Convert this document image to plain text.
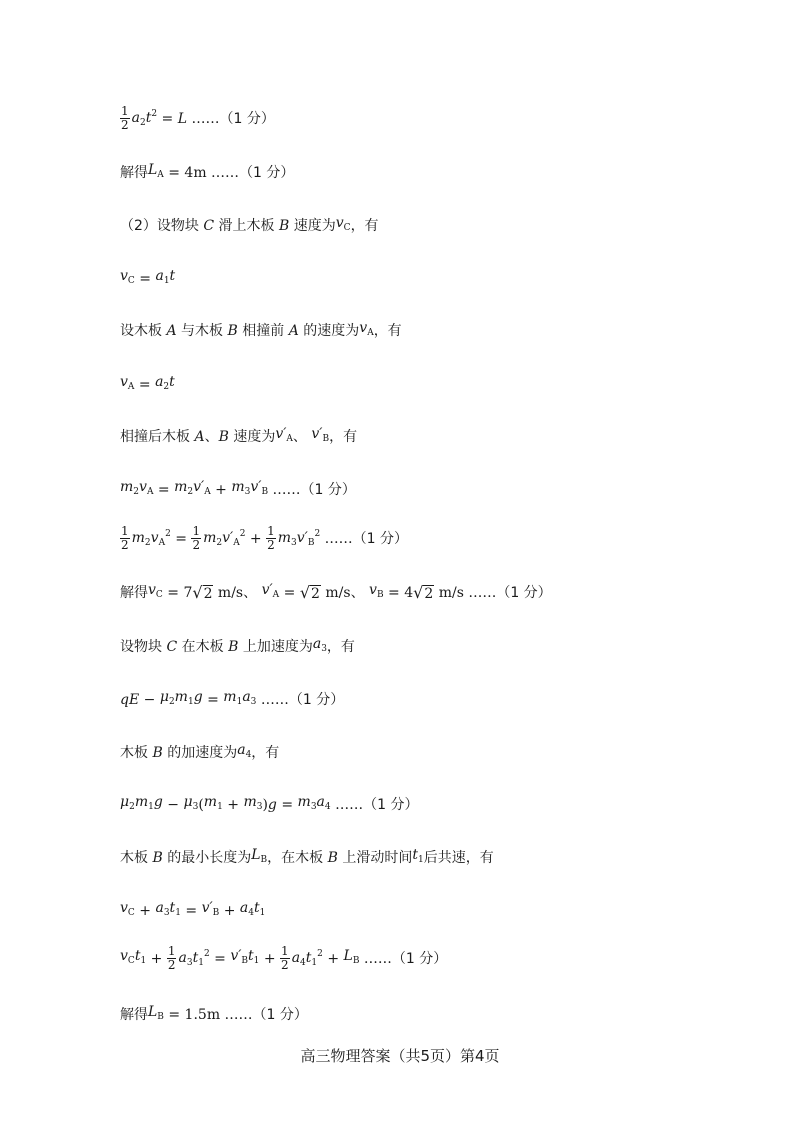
$\frac{1}{2} a_2t^2 = L$ …… （1 分）
解得 $L_A = 4m$ …… （1 分）
（2）设物块
C
滑上木板
B
速度为 $v_C$ ，有
$v_C = a_1t$
设木板
A
与木板
B
相撞前
A
的速度为 $v_A$ ，有
$v_A = a_2t$
相撞后木板
A 、 B
速度为 $v'_A$ 、
$v'_B$ ，有
$m_2v_A = m_2v'_A + m_3v'_B$ …… （1 分）
$\frac{1}{2} m_2v_A^2 = \frac{1}{2} m_2v'_A^2 + \frac{1}{2} m_3v'_B^2$ …… （1 分）
解得 $v_C = 7$ √ 2 m/s 、
$v'_A$ = √ 2 m/s 、
$v_B = 4$ √ 2 m/s …… （1 分）
设物块
C
在木板
B
上加速度为 $a_3$ ，有
qE − $\mu_2m_1g = m_1a_3$ …… （1 分）
木板
B
的加速度为 $a_4$ ，有
$\mu_2m_1g - \mu_3$ ( $m_1 + m_3$ ) $g = m_3a_4$ …… （1 分）
木板
B
的最小长度为 $L_B$ ，在木板
B
上滑动时间 $t_1$ 后共速，有
$v_C + a_3t_1 = v'_B + a_4t_1$
$v_Ct_1 + \frac{1}{2} a_3t_1^2 = v'_Bt_1 + \frac{1}{2} a_4t_1^2 + L_B$ …… （1 分）
解得 $L_B = 1.5m$ …… （1 分）
高三物理答案（共5页）第4页
